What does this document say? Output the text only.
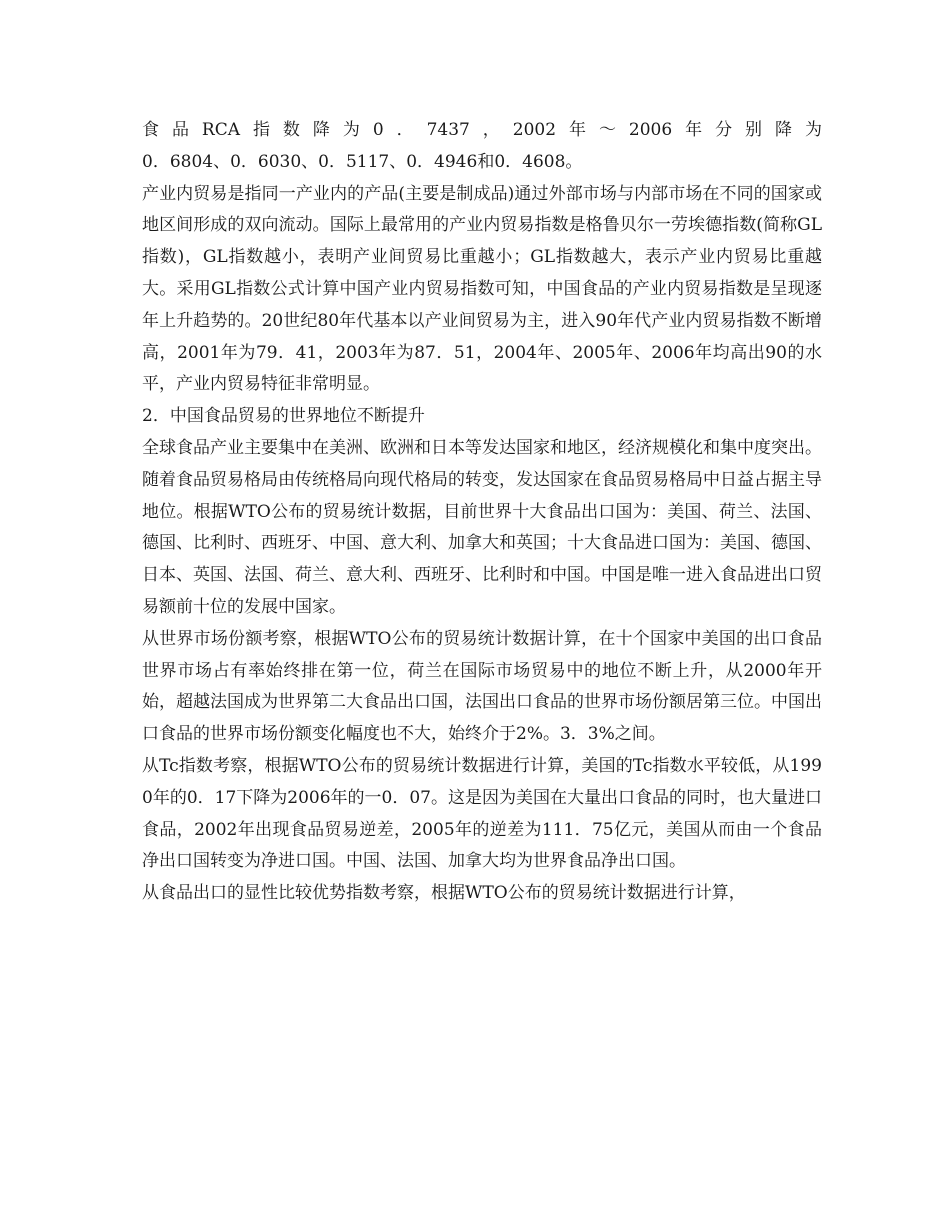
食品RCA指数降为0．7437，2002年～2006年分别降为

0．6804、0．6030、0．5117、0．4946和0．4608。

产业内贸易是指同一产业内的产品(主要是制成品)通过外部市场与内部市场在不同的国家或地区间形成的双向流动。国际上最常用的产业内贸易指数是格鲁贝尔一劳埃德指数(简称GL指数)，GL指数越小，表明产业间贸易比重越小；GL指数越大，表示产业内贸易比重越大。采用GL指数公式计算中国产业内贸易指数可知，中国食品的产业内贸易指数是呈现逐年上升趋势的。20世纪80年代基本以产业间贸易为主，进入90年代产业内贸易指数不断增高，2001年为79．41，2003年为87．51，2004年、2005年、2006年均高出90的水平，产业内贸易特征非常明显。

2．中国食品贸易的世界地位不断提升

全球食品产业主要集中在美洲、欧洲和日本等发达国家和地区，经济规模化和集中度突出。

随着食品贸易格局由传统格局向现代格局的转变，发达国家在食品贸易格局中日益占据主导地位。根据WTO公布的贸易统计数据，目前世界十大食品出口国为：美国、荷兰、法国、德国、比利时、西班牙、中国、意大利、加拿大和英国；十大食品进口国为：美国、德国、日本、英国、法国、荷兰、意大利、西班牙、比利时和中国。中国是唯一进入食品进出口贸易额前十位的发展中国家。

从世界市场份额考察，根据WTO公布的贸易统计数据计算，在十个国家中美国的出口食品世界市场占有率始终排在第一位，荷兰在国际市场贸易中的地位不断上升，从2000年开始，超越法国成为世界第二大食品出口国，法国出口食品的世界市场份额居第三位。中国出口食品的世界市场份额变化幅度也不大，始终介于2%。3．3%之间。

从Tc指数考察，根据WTO公布的贸易统计数据进行计算，美国的Tc指数水平较低，从1990年的0．17下降为2006年的一0．07。这是因为美国在大量出口食品的同时，也大量进口食品，2002年出现食品贸易逆差，2005年的逆差为111．75亿元，美国从而由一个食品净出口国转变为净进口国。中国、法国、加拿大均为世界食品净出口国。

从食品出口的显性比较优势指数考察，根据WTO公布的贸易统计数据进行计算，
